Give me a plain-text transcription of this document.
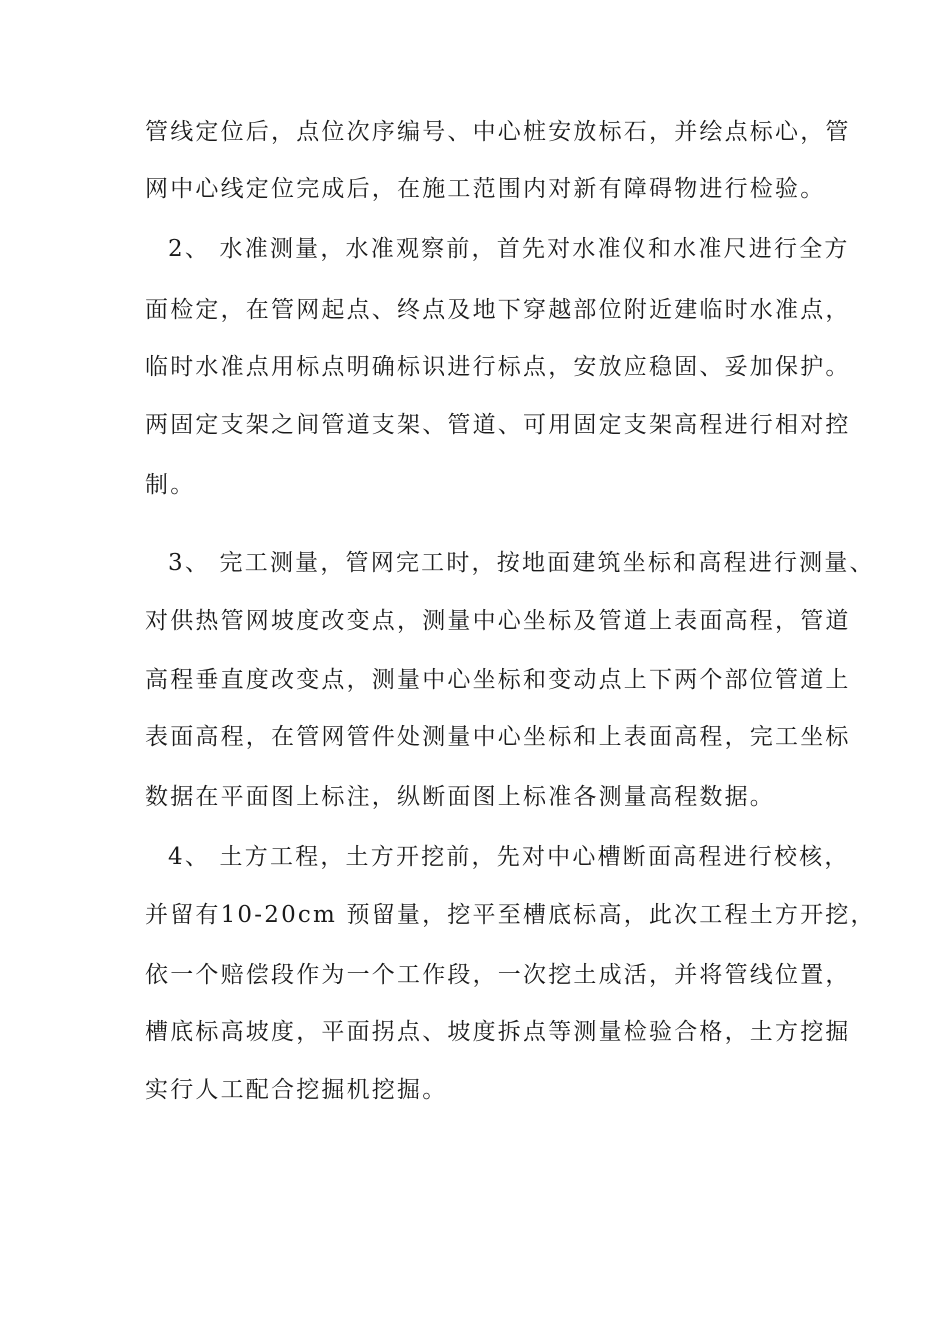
管线定位后，点位次序编号、中心桩安放标石，并绘点标心，管
网中心线定位完成后，在施工范围内对新有障碍物进行检验。
2、 水准测量，水准观察前，首先对水准仪和水准尺进行全方
面检定，在管网起点、终点及地下穿越部位附近建临时水准点，
临时水准点用标点明确标识进行标点，安放应稳固、妥加保护。
两固定支架之间管道支架、管道、可用固定支架高程进行相对控
制。
3、 完工测量，管网完工时，按地面建筑坐标和高程进行测量、
对供热管网坡度改变点，测量中心坐标及管道上表面高程，管道
高程垂直度改变点，测量中心坐标和变动点上下两个部位管道上
表面高程，在管网管件处测量中心坐标和上表面高程，完工坐标
数据在平面图上标注，纵断面图上标准各测量高程数据。
4、 土方工程，土方开挖前，先对中心槽断面高程进行校核，
并留有10-20cm 预留量，挖平至槽底标高，此次工程土方开挖，
依一个赔偿段作为一个工作段，一次挖土成活，并将管线位置，
槽底标高坡度，平面拐点、坡度拆点等测量检验合格，土方挖掘
实行人工配合挖掘机挖掘。
